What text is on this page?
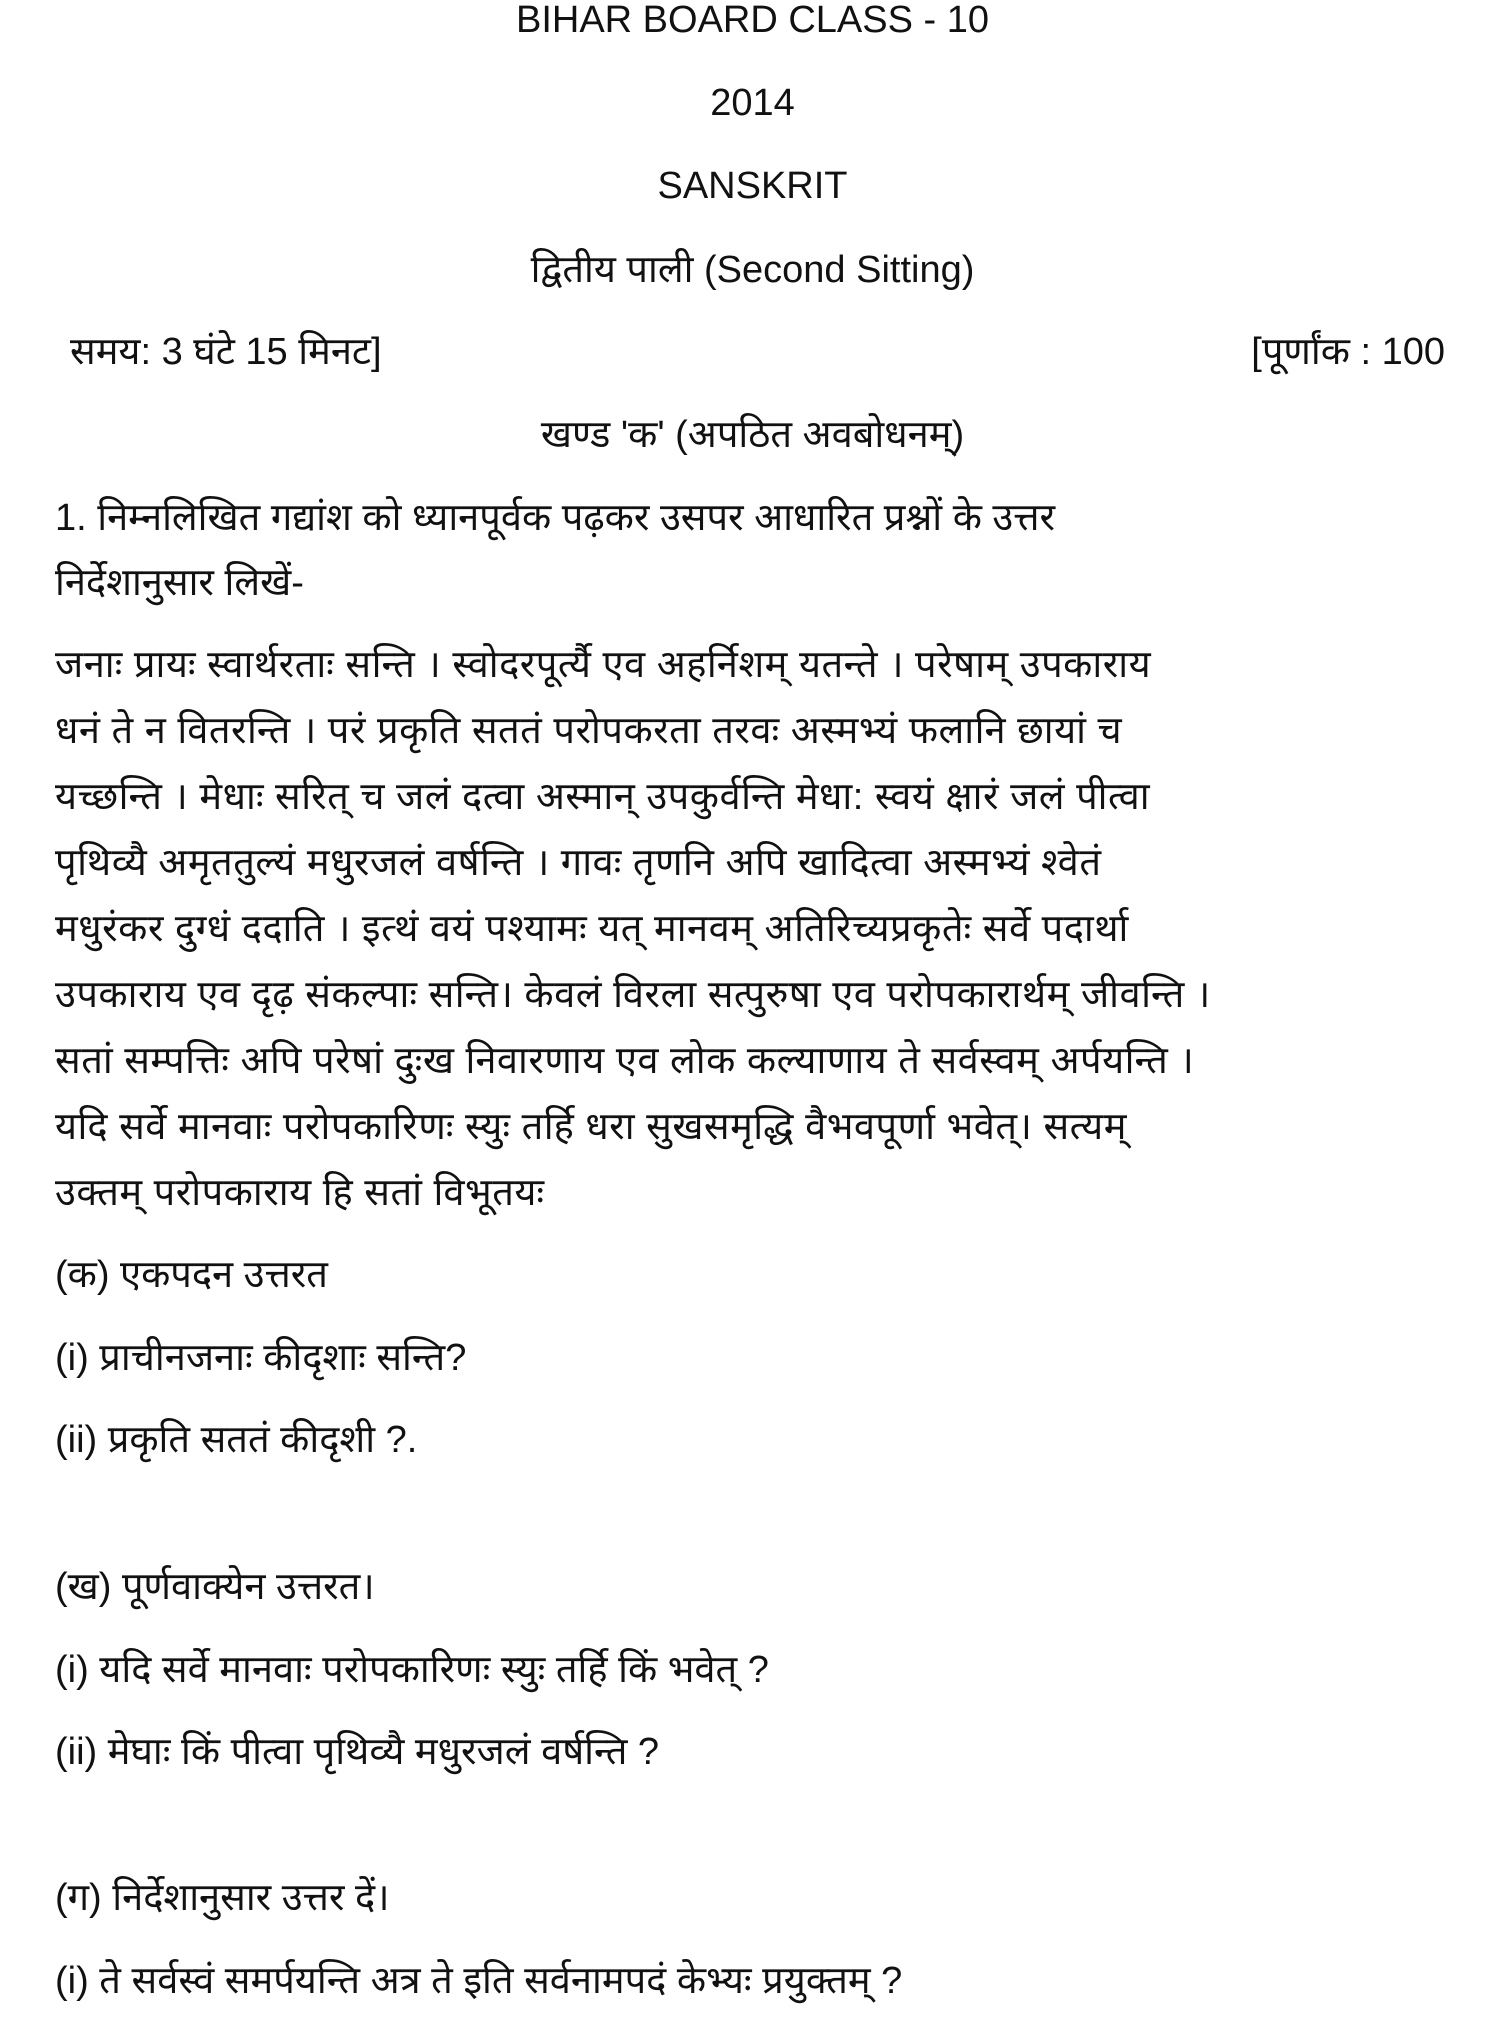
BIHAR BOARD CLASS - 10
2014
SANSKRIT
द्वितीय पाली (Second Sitting)
समय: 3 घंटे 15 मिनट]	[पूर्णांक : 100
खण्ड 'क' (अपठित अवबोधनम्)
1. निम्नलिखित गद्यांश को ध्यानपूर्वक पढ़कर उसपर आधारित प्रश्नों के उत्तर
निर्देशानुसार लिखें-
जनाः प्रायः स्वार्थरताः सन्ति । स्वोदरपूर्त्यै एव अहर्निशम् यतन्ते । परेषाम् उपकाराय
धनं ते न वितरन्ति । परं प्रकृति सततं परोपकरता तरवः अस्मभ्यं फलानि छायां च
यच्छन्ति । मेधाः सरित् च जलं दत्वा अस्मान् उपकुर्वन्ति मेधा: स्वयं क्षारं जलं पीत्वा
पृथिव्यै अमृततुल्यं मधुरजलं वर्षन्ति । गावः तृणनि अपि खादित्वा अस्मभ्यं श्वेतं
मधुरंकर दुग्धं ददाति । इत्थं वयं पश्यामः यत् मानवम् अतिरिच्यप्रकृतेः सर्वे पदार्था
उपकाराय एव दृढ़ संकल्पाः सन्ति। केवलं विरला सत्पुरुषा एव परोपकारार्थम् जीवन्ति ।
सतां सम्पत्तिः अपि परेषां दुःख निवारणाय एव लोक कल्याणाय ते सर्वस्वम् अर्पयन्ति ।
यदि सर्वे मानवाः परोपकारिणः स्युः तर्हि धरा सुखसमृद्धि वैभवपूर्णा भवेत्। सत्यम्
उक्तम् परोपकाराय हि सतां विभूतयः
(क) एकपदन उत्तरत
(i) प्राचीनजनाः कीदृशाः सन्ति?
(ii) प्रकृति सततं कीदृशी ?.
(ख) पूर्णवाक्येन उत्तरत।
(i) यदि सर्वे मानवाः परोपकारिणः स्युः तर्हि किं भवेत् ?
(ii) मेघाः किं पीत्वा पृथिव्यै मधुरजलं वर्षन्ति ?
(ग) निर्देशानुसार उत्तर दें।
(i) ते सर्वस्वं समर्पयन्ति अत्र ते इति सर्वनामपदं केभ्यः प्रयुक्तम् ?
